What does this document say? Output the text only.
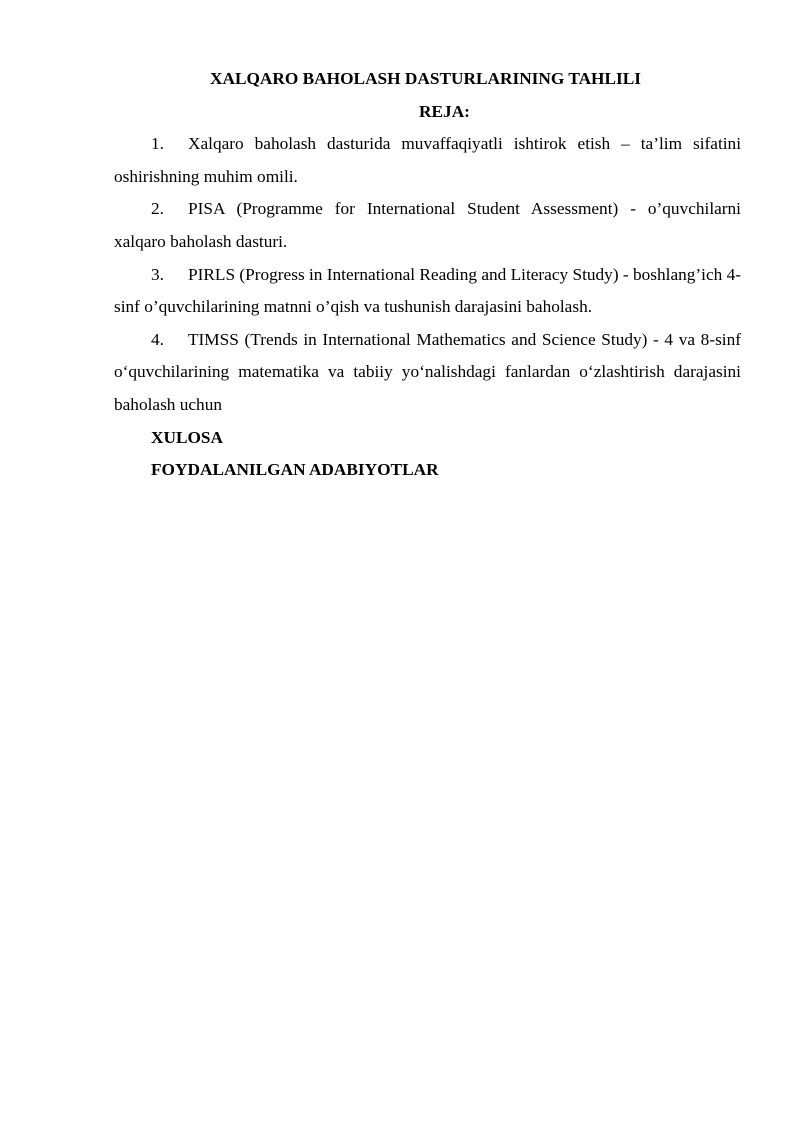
XALQARO BAHOLASH DASTURLARINING TAHLILI
REJA:
1. Xalqaro baholash dasturida muvaffaqiyatli ishtirok etish – ta’lim sifatini oshirishning muhim omili.
2. PISA (Programme for International Student Assessment) - o’quvchilarni xalqaro baholash dasturi.
3. PIRLS (Progress in International Reading and Literacy Study) - boshlang’ich 4-sinf o’quvchilarining matnni o’qish va tushunish darajasini baholash.
4. TIMSS (Trends in International Mathematics and Science Study) - 4 va 8-sinf o‘quvchilarining matematika va tabiiy yo‘nalishdagi fanlardan o‘zlashtirish darajasini baholash uchun

XULOSA

FOYDALANILGAN ADABIYOTLAR
